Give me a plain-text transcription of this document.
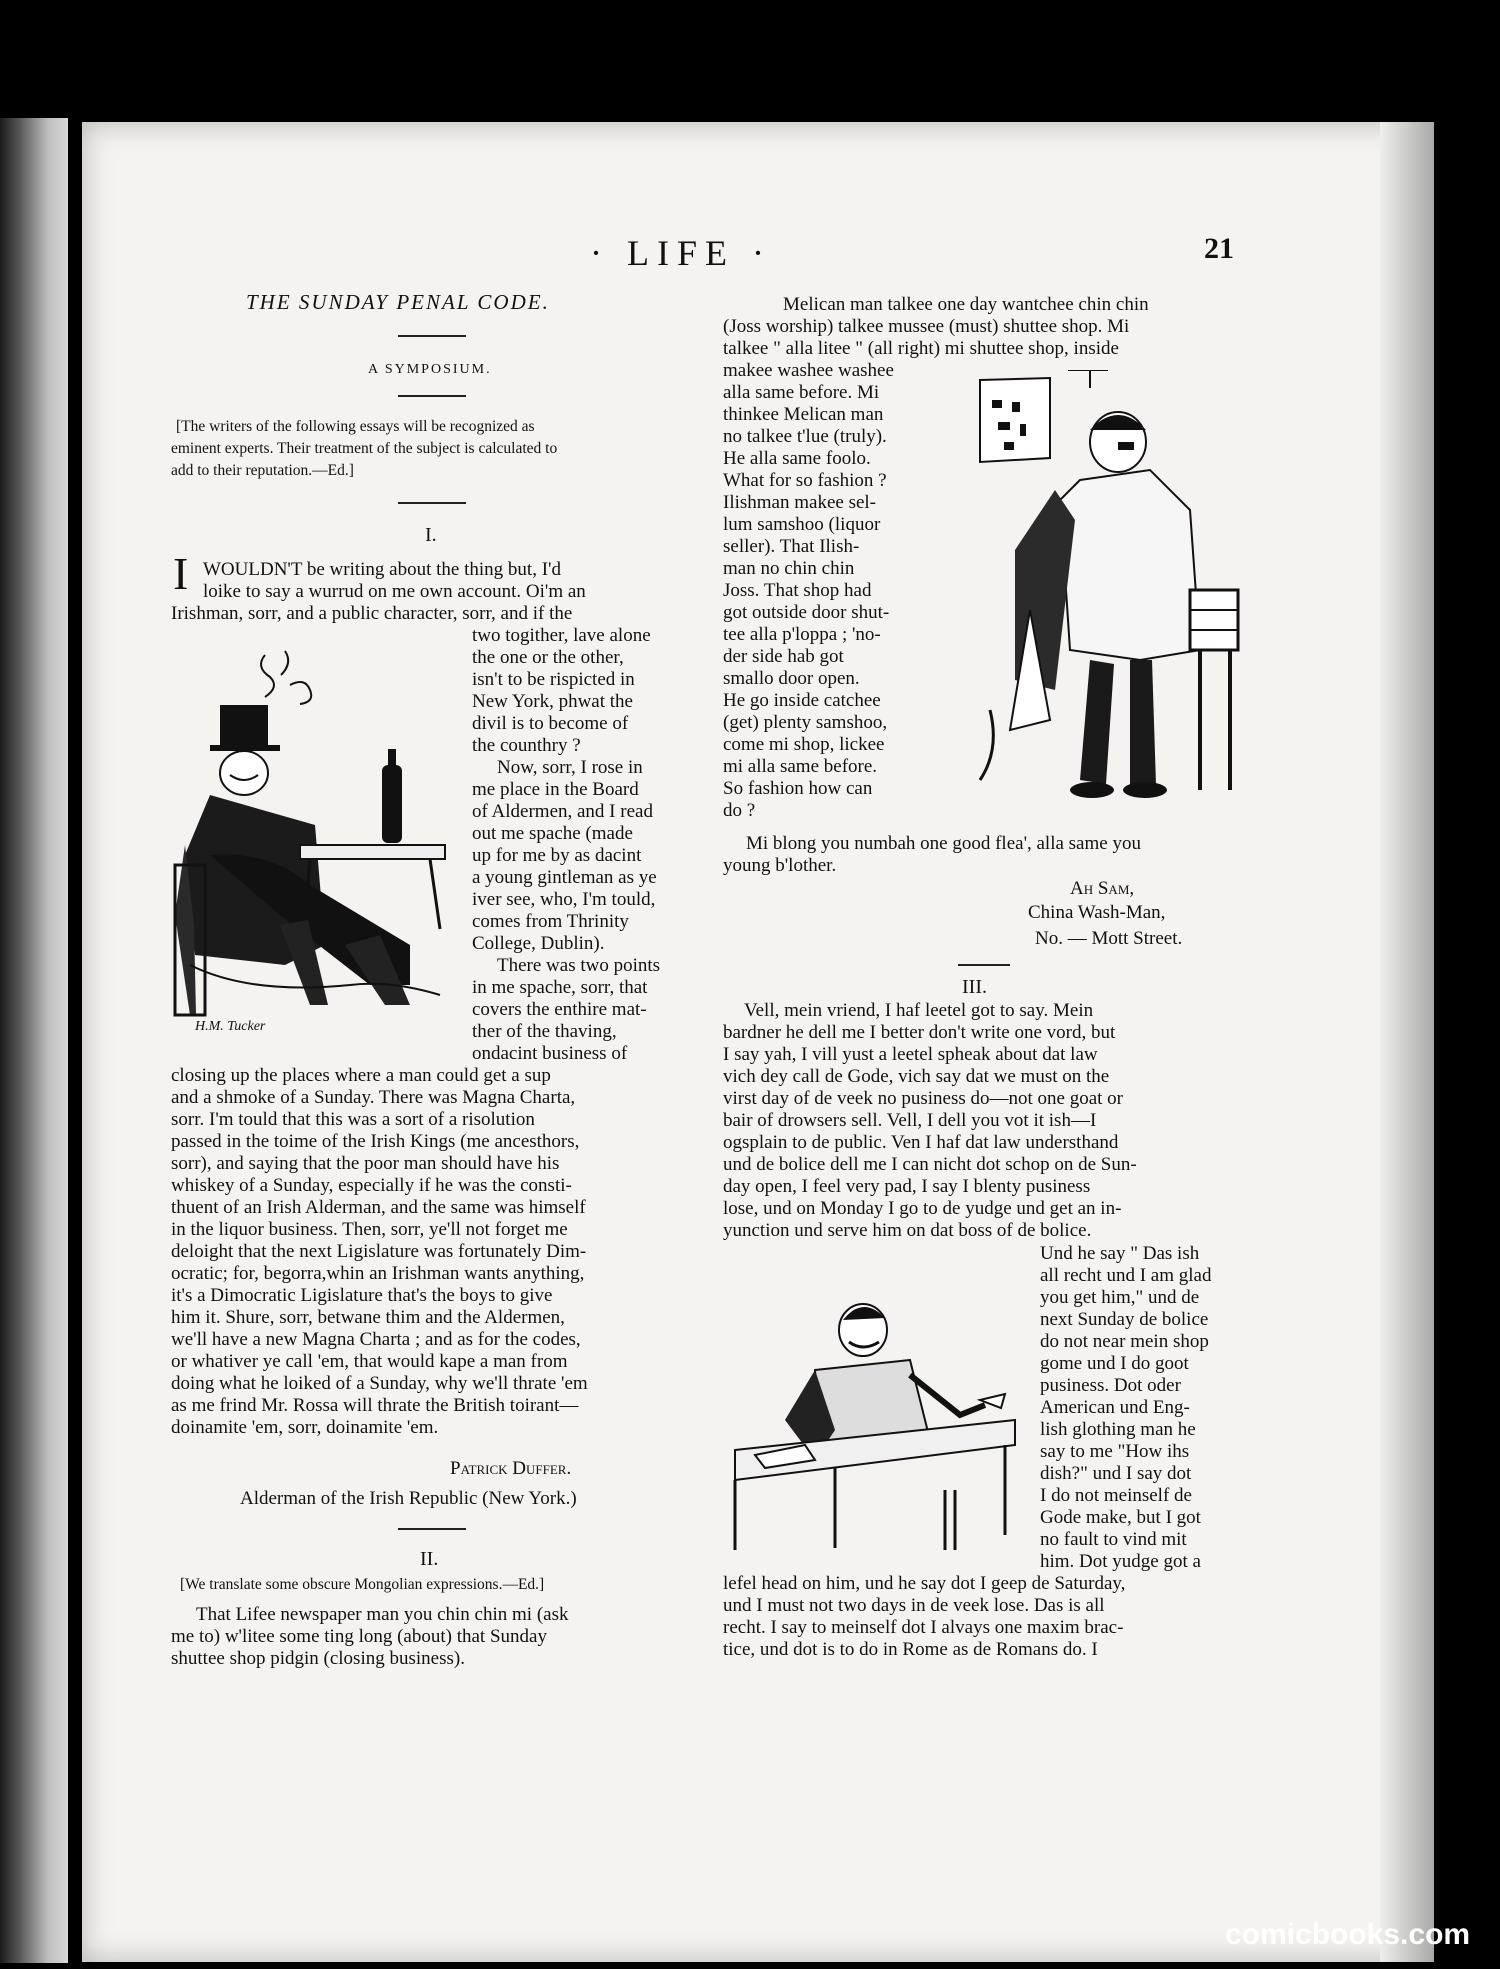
· LIFE ·	21
THE SUNDAY PENAL CODE.
A SYMPOSIUM.
[The writers of the following essays will be recognized as
eminent experts. Their treatment of the subject is calculated to
add to their reputation.—Ed.]
I.
I WOULDN'T be writing about the thing but, I'd
loike to say a wurrud on me own account. Oi'm an
Irishman, sorr, and a public character, sorr, and if the
two togither, lave alone
the one or the other,
isn't to be rispicted in
New York, phwat the
divil is to become of
the counthry ?
Now, sorr, I rose in
me place in the Board
of Aldermen, and I read
out me spache (made
up for me by as dacint
a young gintleman as ye
iver see, who, I'm tould,
comes from Thrinity
College, Dublin).
There was two points
in me spache, sorr, that
covers the enthire mat-
ther of the thaving,
ondacint business of
closing up the places where a man could get a sup
and a shmoke of a Sunday. There was Magna Charta,
sorr. I'm tould that this was a sort of a risolution
passed in the toime of the Irish Kings (me ancesthors,
sorr), and saying that the poor man should have his
whiskey of a Sunday, especially if he was the consti-
thuent of an Irish Alderman, and the same was himself
in the liquor business. Then, sorr, ye'll not forget me
deloight that the next Ligislature was fortunately Dim-
ocratic; for, begorra,whin an Irishman wants anything,
it's a Dimocratic Ligislature that's the boys to give
him it. Shure, sorr, betwane thim and the Aldermen,
we'll have a new Magna Charta ; and as for the codes,
or whativer ye call 'em, that would kape a man from
doing what he loiked of a Sunday, why we'll thrate 'em
as me frind Mr. Rossa will thrate the British toirant—
doinamite 'em, sorr, doinamite 'em.
Patrick Duffer.
Alderman of the Irish Republic (New York.)
II.
[We translate some obscure Mongolian expressions.—Ed.]
That Lifee newspaper man you chin chin mi (ask
me to) w'litee some ting long (about) that Sunday
shuttee shop pidgin (closing business).
H.M. Tucker
Melican man talkee one day wantchee chin chin
(Joss worship) talkee mussee (must) shuttee shop. Mi
talkee " alla litee " (all right) mi shuttee shop, inside
makee washee washee
alla same before. Mi
thinkee Melican man
no talkee t'lue (truly).
He alla same foolo.
What for so fashion ?
Ilishman makee sel-
lum samshoo (liquor
seller). That Ilish-
man no chin chin
Joss. That shop had
got outside door shut-
tee alla p'loppa ; 'no-
der side hab got
smallo door open.
He go inside catchee
(get) plenty samshoo,
come mi shop, lickee
mi alla same before.
So fashion how can
do ?
Mi blong you numbah one good flea', alla same you
young b'lother.
Ah Sam,
China Wash-Man,
No. — Mott Street.
III.
Vell, mein vriend, I haf leetel got to say. Mein
bardner he dell me I better don't write one vord, but
I say yah, I vill yust a leetel spheak about dat law
vich dey call de Gode, vich say dat we must on the
virst day of de veek no pusiness do—not one goat or
bair of drowsers sell. Vell, I dell you vot it ish—I
ogsplain to de public. Ven I haf dat law understhand
und de bolice dell me I can nicht dot schop on de Sun-
day open, I feel very pad, I say I blenty pusiness
lose, und on Monday I go to de yudge und get an in-
yunction und serve him on dat boss of de bolice.
Und he say " Das ish
all recht und I am glad
you get him," und de
next Sunday de bolice
do not near mein shop
gome und I do goot
pusiness. Dot oder
American und Eng-
lish glothing man he
say to me "How ihs
dish?" und I say dot
I do not meinself de
Gode make, but I got
no fault to vind mit
him. Dot yudge got a
lefel head on him, und he say dot I geep de Saturday,
und I must not two days in de veek lose. Das is all
recht. I say to meinself dot I alvays one maxim brac-
tice, und dot is to do in Rome as de Romans do. I
comicbooks.com
